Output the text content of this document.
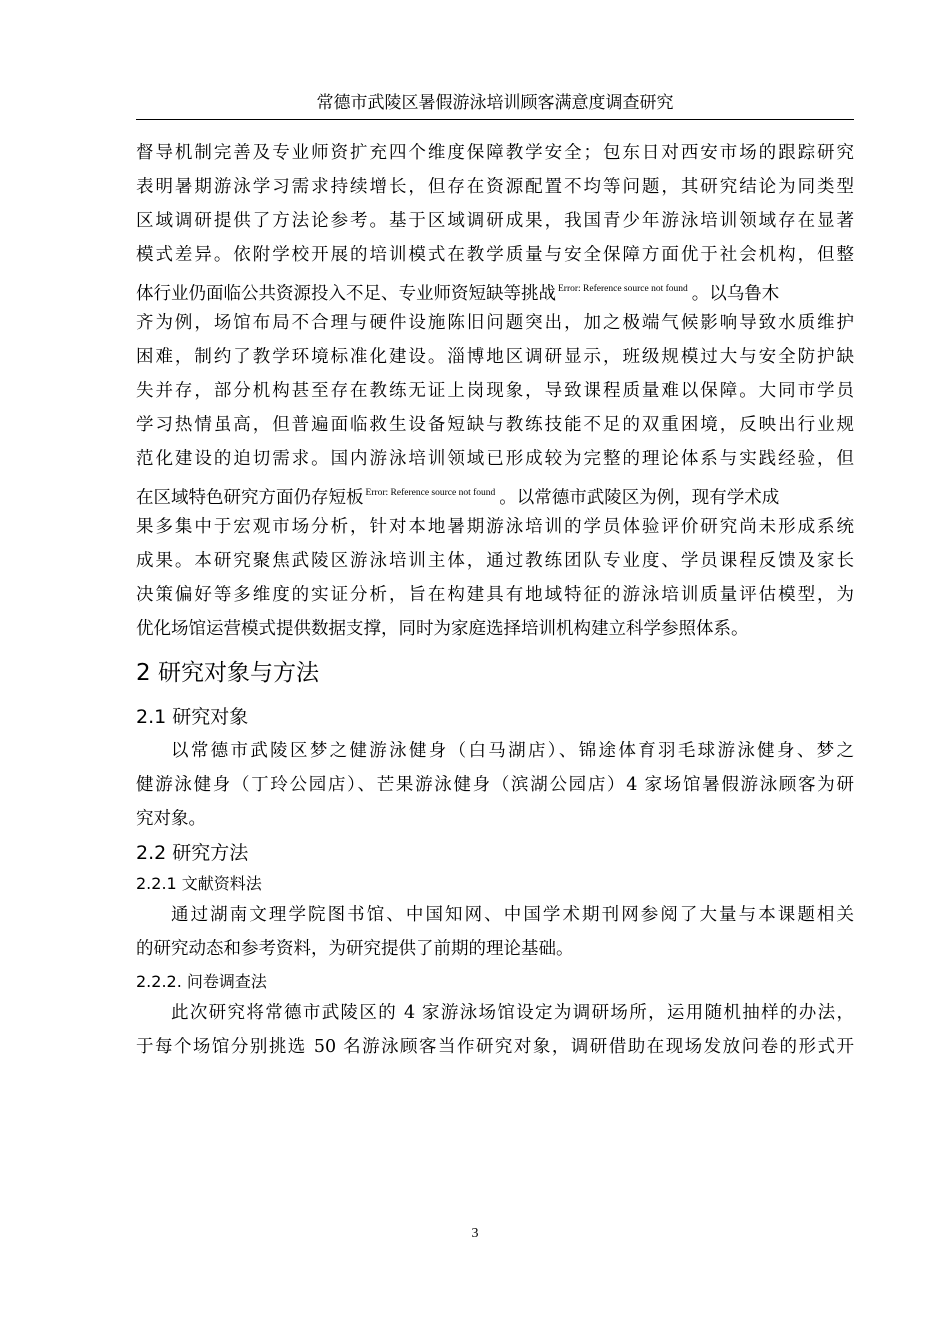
常德市武陵区暑假游泳培训顾客满意度调查研究
督导机制完善及专业师资扩充四个维度保障教学安全；包东日对西安市场的跟踪研究
表明暑期游泳学习需求持续增长，但存在资源配置不均等问题，其研究结论为同类型
区域调研提供了方法论参考。基于区域调研成果，我国青少年游泳培训领域存在显著
模式差异。依附学校开展的培训模式在教学质量与安全保障方面优于社会机构，但整
体行业仍面临公共资源投入不足、专业师资短缺等挑战 $^{Error: Reference source not found}$ 。以乌鲁木
齐为例，场馆布局不合理与硬件设施陈旧问题突出，加之极端气候影响导致水质维护
困难，制约了教学环境标准化建设。淄博地区调研显示，班级规模过大与安全防护缺
失并存，部分机构甚至存在教练无证上岗现象，导致课程质量难以保障。大同市学员
学习热情虽高，但普遍面临救生设备短缺与教练技能不足的双重困境，反映出行业规
范化建设的迫切需求。国内游泳培训领域已形成较为完整的理论体系与实践经验，但
在区域特色研究方面仍存短板 $^{Error: Reference source not found}$ 。以常德市武陵区为例，现有学术成
果多集中于宏观市场分析，针对本地暑期游泳培训的学员体验评价研究尚未形成系统
成果。本研究聚焦武陵区游泳培训主体，通过教练团队专业度、学员课程反馈及家长
决策偏好等多维度的实证分析，旨在构建具有地域特征的游泳培训质量评估模型，为
优化场馆运营模式提供数据支撑，同时为家庭选择培训机构建立科学参照体系。
2 研究对象与方法
2.1 研究对象
以常德市武陵区梦之健游泳健身（白马湖店）、锦途体育羽毛球游泳健身、梦之
健游泳健身（丁玲公园店）、芒果游泳健身（滨湖公园店）4 家场馆暑假游泳顾客为研
究对象。
2.2 研究方法
2.2.1 文献资料法
通过湖南文理学院图书馆、中国知网、中国学术期刊网参阅了大量与本课题相关
的研究动态和参考资料，为研究提供了前期的理论基础。
2.2.2. 问卷调查法
此次研究将常德市武陵区的 4 家游泳场馆设定为调研场所，运用随机抽样的办法，
于每个场馆分别挑选 50 名游泳顾客当作研究对象，调研借助在现场发放问卷的形式开
3
